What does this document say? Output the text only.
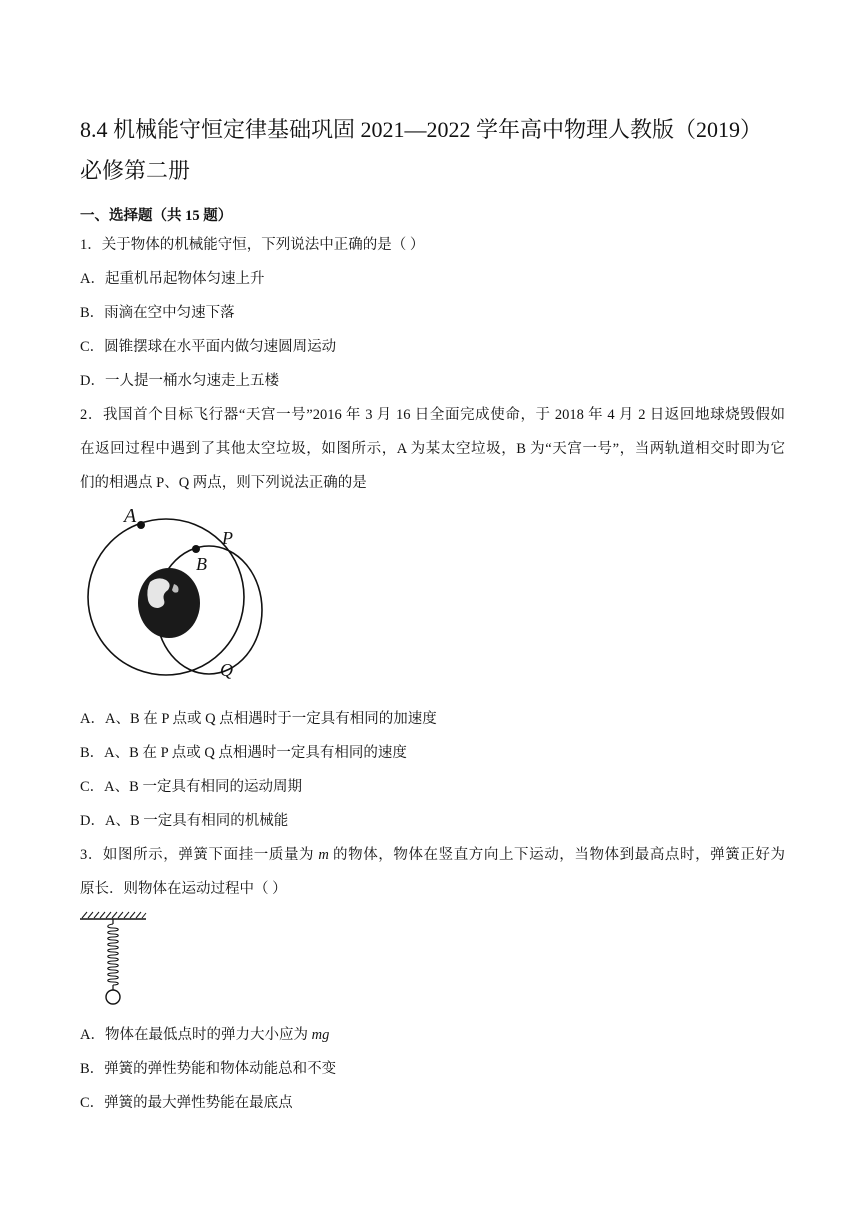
8.4 机械能守恒定律基础巩固 2021—2022 学年高中物理人教版（2019）
必修第二册
一、选择题（共 15 题）
1．关于物体的机械能守恒，下列说法中正确的是（ ）
A．起重机吊起物体匀速上升
B．雨滴在空中匀速下落
C．圆锥摆球在水平面内做匀速圆周运动
D．一人提一桶水匀速走上五楼
2．我国首个目标飞行器“天宫一号”2016 年 3 月 16 日全面完成使命，于 2018 年 4 月 2 日返回地球烧毁假如
在返回过程中遇到了其他太空垃圾，如图所示，A 为某太空垃圾，B 为“天宫一号”，当两轨道相交时即为它
们的相遇点 P、Q 两点，则下列说法正确的是
A
B
P
Q
A．A、B 在 P 点或 Q 点相遇时于一定具有相同的加速度
B．A、B 在 P 点或 Q 点相遇时一定具有相同的速度
C．A、B 一定具有相同的运动周期
D．A、B 一定具有相同的机械能
3．如图所示，弹簧下面挂一质量为 m 的物体，物体在竖直方向上下运动，当物体到最高点时，弹簧正好为
原长．则物体在运动过程中（ ）
A．物体在最低点时的弹力大小应为 mg
B．弹簧的弹性势能和物体动能总和不变
C．弹簧的最大弹性势能在最底点
